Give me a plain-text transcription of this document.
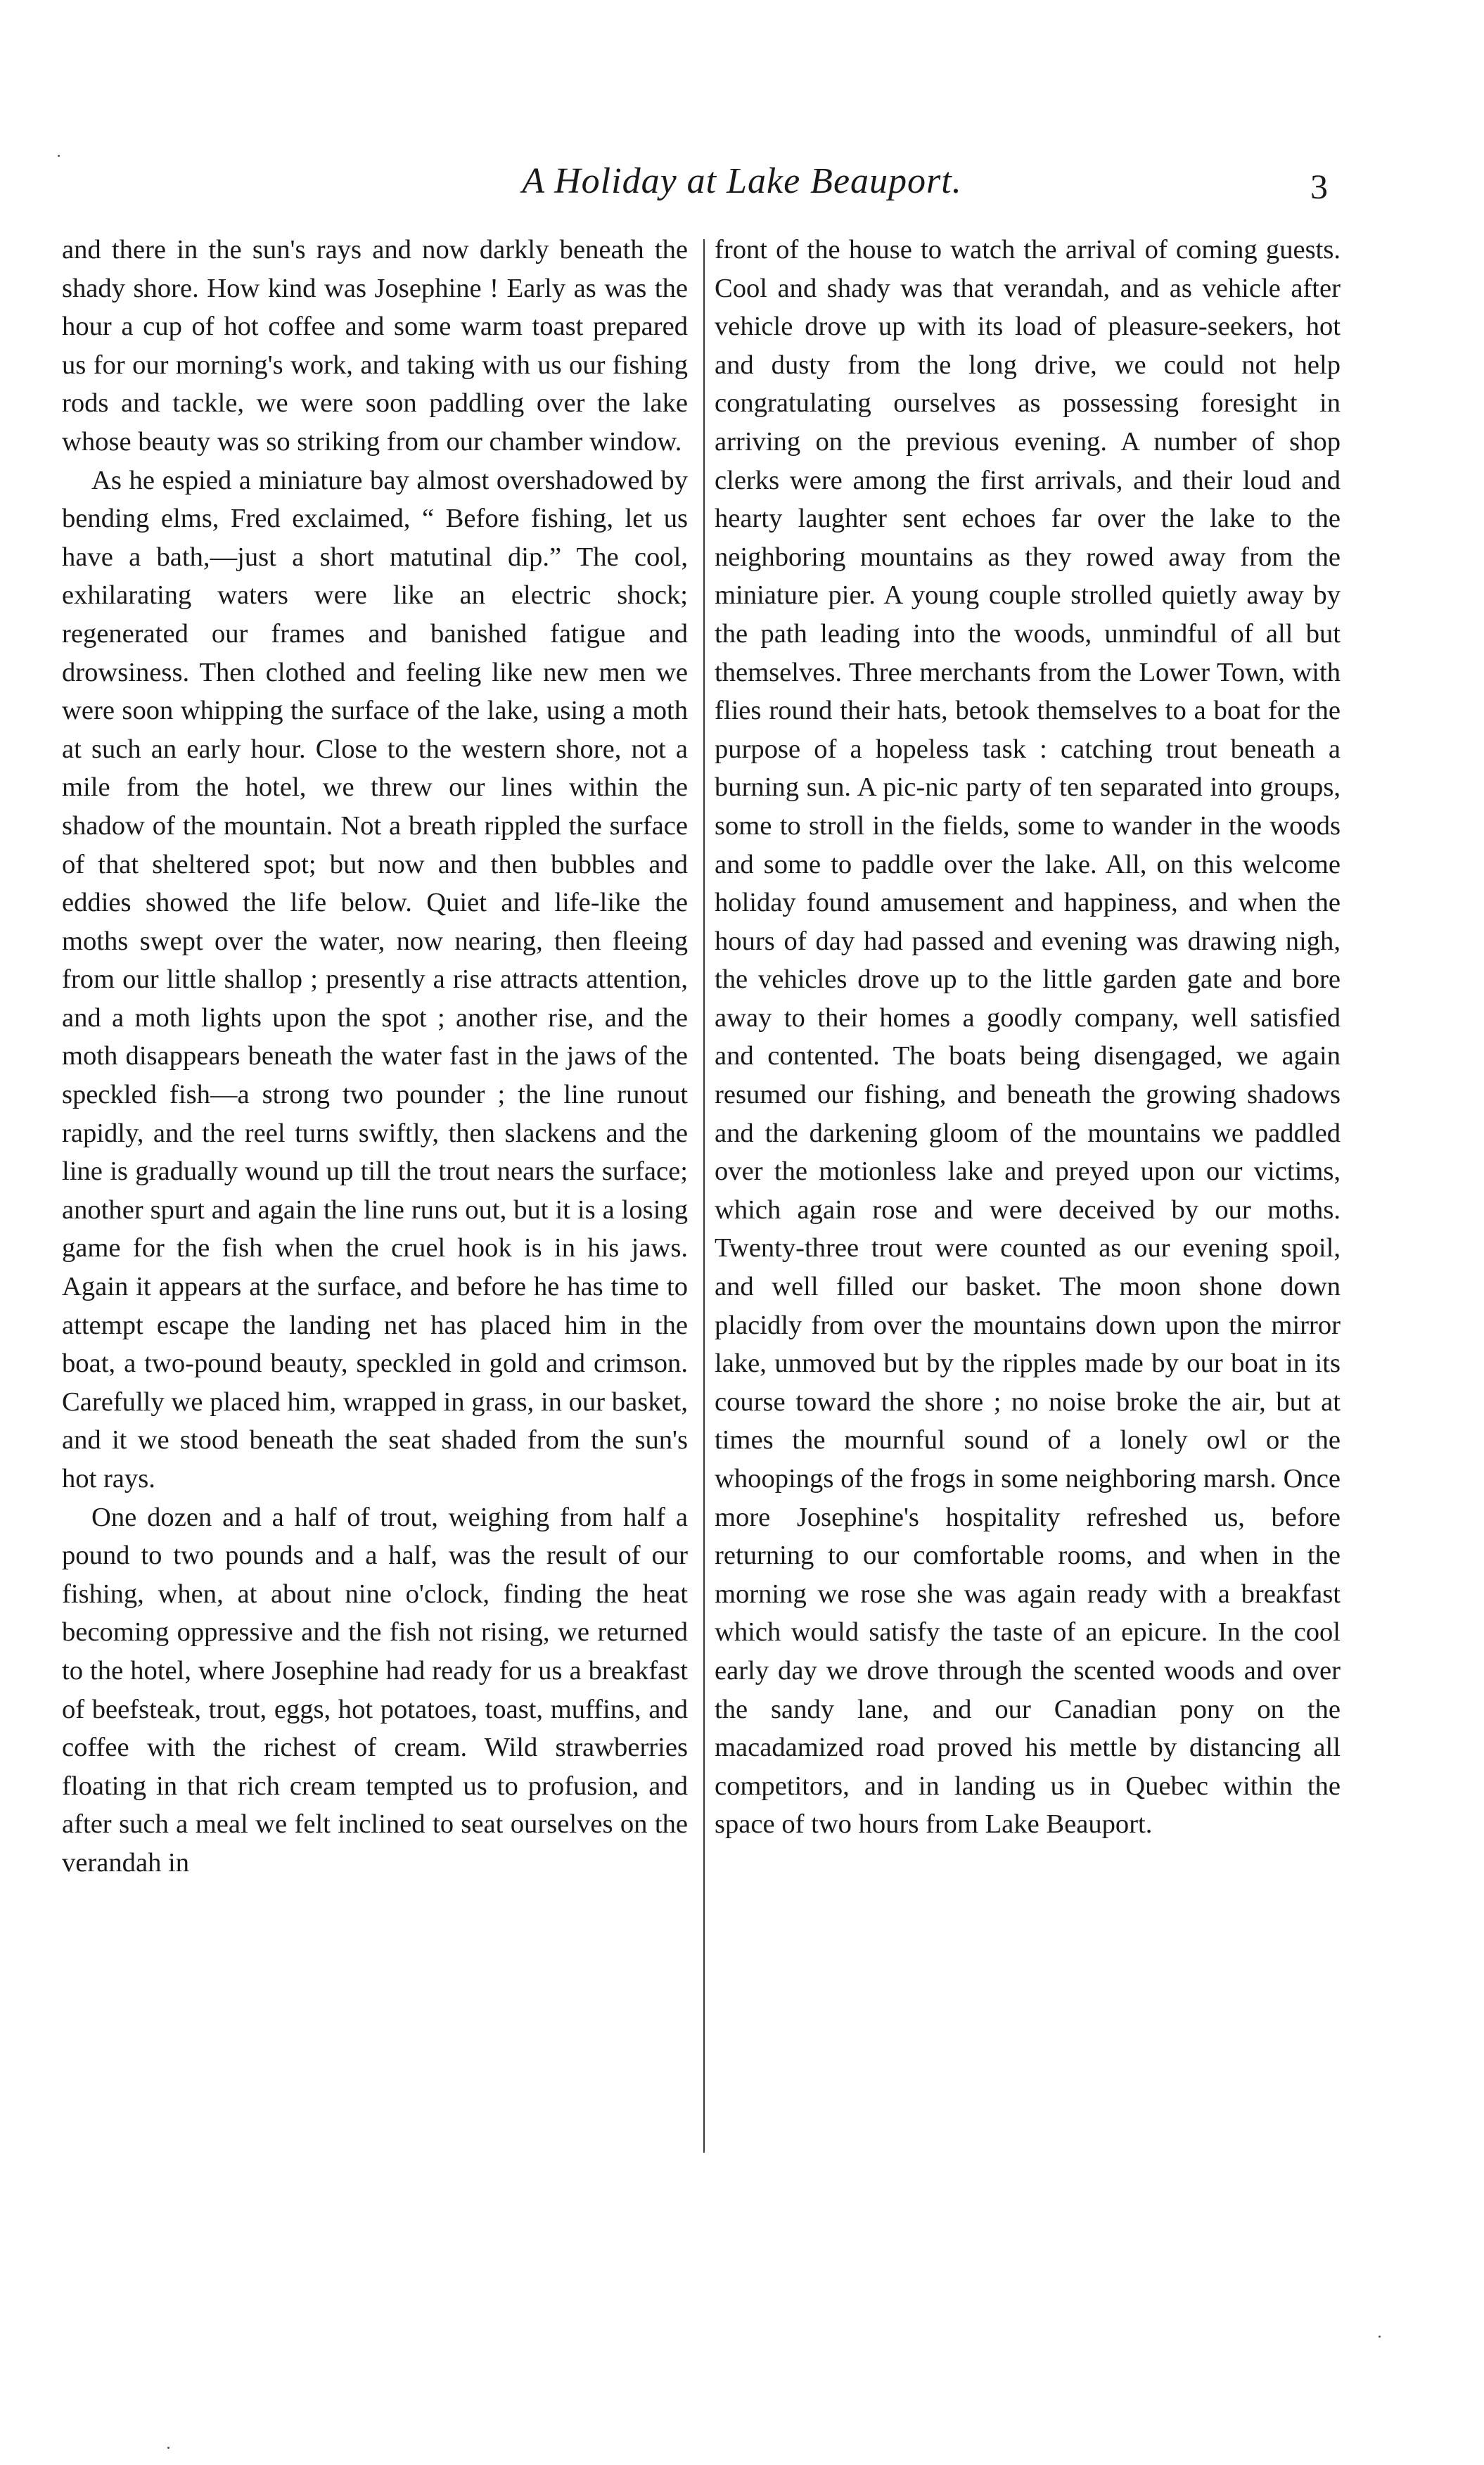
A Holiday at Lake Beauport.	3

and there in the sun's rays and now darkly beneath the shady shore. How kind was Josephine ! Early as was the hour a cup of hot coffee and some warm toast prepared us for our morning's work, and taking with us our fishing rods and tackle, we were soon paddling over the lake whose beauty was so striking from our chamber window.

As he espied a miniature bay almost overshadowed by bending elms, Fred exclaimed, “ Before fishing, let us have a bath,—just a short matutinal dip.” The cool, exhilarating waters were like an electric shock; regenerated our frames and banished fatigue and drowsiness. Then clothed and feeling like new men we were soon whipping the surface of the lake, using a moth at such an early hour. Close to the western shore, not a mile from the hotel, we threw our lines within the shadow of the mountain. Not a breath rippled the surface of that sheltered spot; but now and then bubbles and eddies showed the life below. Quiet and life-like the moths swept over the water, now nearing, then fleeing from our little shallop ; presently a rise attracts attention, and a moth lights upon the spot ; another rise, and the moth disappears beneath the water fast in the jaws of the speckled fish—a strong two pounder ; the line runout rapidly, and the reel turns swiftly, then slackens and the line is gradually wound up till the trout nears the surface; another spurt and again the line runs out, but it is a losing game for the fish when the cruel hook is in his jaws. Again it appears at the surface, and before he has time to attempt escape the landing net has placed him in the boat, a two-pound beauty, speckled in gold and crimson. Carefully we placed him, wrapped in grass, in our basket, and it we stood beneath the seat shaded from the sun's hot rays.

One dozen and a half of trout, weighing from half a pound to two pounds and a half, was the result of our fishing, when, at about nine o'clock, finding the heat becoming oppressive and the fish not rising, we returned to the hotel, where Josephine had ready for us a breakfast of beefsteak, trout, eggs, hot potatoes, toast, muffins, and coffee with the richest of cream. Wild strawberries floating in that rich cream tempted us to profusion, and after such a meal we felt inclined to seat ourselves on the verandah in

front of the house to watch the arrival of coming guests. Cool and shady was that verandah, and as vehicle after vehicle drove up with its load of pleasure-seekers, hot and dusty from the long drive, we could not help congratulating ourselves as possessing foresight in arriving on the previous evening. A number of shop clerks were among the first arrivals, and their loud and hearty laughter sent echoes far over the lake to the neighboring mountains as they rowed away from the miniature pier. A young couple strolled quietly away by the path leading into the woods, unmindful of all but themselves. Three merchants from the Lower Town, with flies round their hats, betook themselves to a boat for the purpose of a hopeless task : catching trout beneath a burning sun. A pic-nic party of ten separated into groups, some to stroll in the fields, some to wander in the woods and some to paddle over the lake. All, on this welcome holiday found amusement and happiness, and when the hours of day had passed and evening was drawing nigh, the vehicles drove up to the little garden gate and bore away to their homes a goodly company, well satisfied and contented. The boats being disengaged, we again resumed our fishing, and beneath the growing shadows and the darkening gloom of the mountains we paddled over the motionless lake and preyed upon our victims, which again rose and were deceived by our moths. Twenty-three trout were counted as our evening spoil, and well filled our basket. The moon shone down placidly from over the mountains down upon the mirror lake, unmoved but by the ripples made by our boat in its course toward the shore ; no noise broke the air, but at times the mournful sound of a lonely owl or the whoopings of the frogs in some neighboring marsh. Once more Josephine's hospitality refreshed us, before returning to our comfortable rooms, and when in the morning we rose she was again ready with a breakfast which would satisfy the taste of an epicure. In the cool early day we drove through the scented woods and over the sandy lane, and our Canadian pony on the macadamized road proved his mettle by distancing all competitors, and in landing us in Quebec within the space of two hours from Lake Beauport.
